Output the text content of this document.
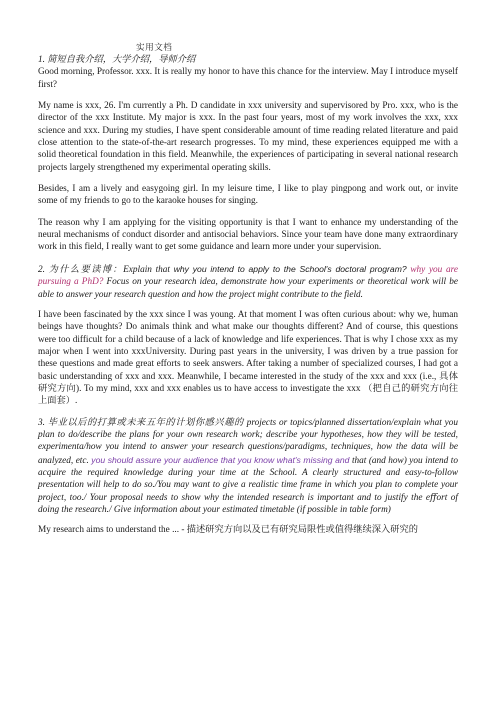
实用文档

1. 简短自我介绍，大学介绍，导师介绍

Good morning, Professor. xxx. It is really my honor to have this chance for the interview. May I introduce myself first?

My name is xxx, 26. I'm currently a Ph. D candidate in xxx university and supervisored by Pro. xxx, who is the director of the xxx Institute. My major is xxx. In the past four years, most of my work involves the xxx, xxx science and xxx. During my studies, I have spent considerable amount of time reading related literature and paid close attention to the state-of-the-art research progresses. To my mind, these experiences equipped me with a solid theoretical foundation in this field. Meanwhile, the experiences of participating in several national research projects largely strengthened my experimental operating skills.

Besides, I am a lively and easygoing girl. In my leisure time, I like to play pingpong and work out, or invite some of my friends to go to the karaoke houses for singing.

The reason why I am applying for the visiting opportunity is that I want to enhance my understanding of the neural mechanisms of conduct disorder and antisocial behaviors. Since your team have done many extraordinary work in this field, I really want to get some guidance and learn more under your supervision.

2. 为什么要读博：Explain that why you intend to apply to the School's doctoral program? why you are pursuing a PhD? Focus on your research idea, demonstrate how your experiments or theoretical work will be able to answer your research question and how the project might contribute to the field.

I have been fascinated by the xxx since I was young. At that moment I was often curious about: why we, human beings have thoughts? Do animals think and what make our thoughts different? And of course, this questions were too difficult for a child because of a lack of knowledge and life experiences. That is why I chose xxx as my major when I went into xxxUniversity. During past years in the university, I was driven by a true passion for these questions and made great efforts to seek answers. After taking a number of specialized courses, I had got a basic understanding of xxx and xxx. Meanwhile, I became interested in the study of the xxx and xxx (i.e., 具体研究方向). To my mind, xxx and xxx enables us to have access to investigate the xxx （把自己的研究方向往上面套）.

3. 毕业以后的打算或未来五年的计划你感兴趣的 projects or topics/planned dissertation/explain what you plan to do/describe the plans for your own research work; describe your hypotheses, how they will be tested, experimenta/how you intend to answer your research questions/paradigms, techniques, how the data will be analyzed, etc. you should assure your audience that you know what's missing and that (and how) you intend to acquire the required knowledge during your time at the School. A clearly structured and easy-to-follow presentation will help to do so./You may want to give a realistic time frame in which you plan to complete your project, too./ Your proposal needs to show why the intended research is important and to justify the eﬀort of doing the research./ Give information about your estimated timetable (if possible in table form)

My research aims to understand the ... - 描述研究方向以及已有研究局限性或值得继续深入研究的
